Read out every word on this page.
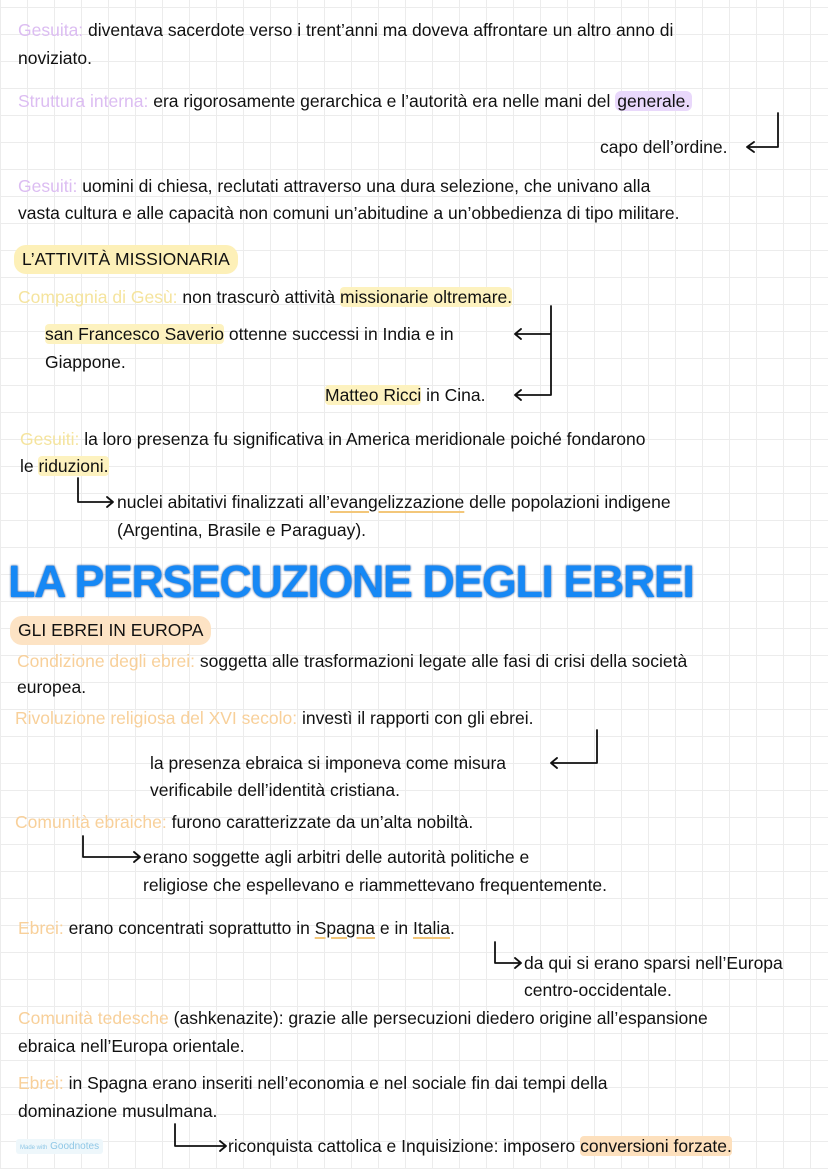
Gesuita: diventava sacerdote verso i trent’anni ma doveva affrontare un altro anno di
noviziato.
Struttura interna: era rigorosamente gerarchica e l’autorità era nelle mani del generale.
capo dell’ordine.
Gesuiti: uomini di chiesa, reclutati attraverso una dura selezione, che univano alla
vasta cultura e alle capacità non comuni un’abitudine a un’obbedienza di tipo militare.
L’ATTIVITÀ MISSIONARIA
Compagnia di Gesù: non trascurò attività missionarie oltremare.
san Francesco Saverio ottenne successi in India e in
Giappone.
Matteo Ricci in Cina.
Gesuiti: la loro presenza fu significativa in America meridionale poiché fondarono
le riduzioni.
nuclei abitativi finalizzati all’evangelizzazione delle popolazioni indigene
(Argentina, Brasile e Paraguay).
LA PERSECUZIONE DEGLI EBREI
GLI EBREI IN EUROPA
Condizione degli ebrei: soggetta alle trasformazioni legate alle fasi di crisi della società
europea.
Rivoluzione religiosa del XVI secolo: investì il rapporti con gli ebrei.
la presenza ebraica si imponeva come misura
verificabile dell’identità cristiana.
Comunità ebraiche: furono caratterizzate da un’alta nobiltà.
erano soggette agli arbitri delle autorità politiche e
religiose che espellevano e riammettevano frequentemente.
Ebrei: erano concentrati soprattutto in Spagna e in Italia.
da qui si erano sparsi nell’Europa
centro-occidentale.
Comunità tedesche (ashkenazite): grazie alle persecuzioni diedero origine all’espansione
ebraica nell’Europa orientale.
Ebrei: in Spagna erano inseriti nell’economia e nel sociale fin dai tempi della
dominazione musulmana.
riconquista cattolica e Inquisizione: imposero conversioni forzate.
Made with Goodnotes
